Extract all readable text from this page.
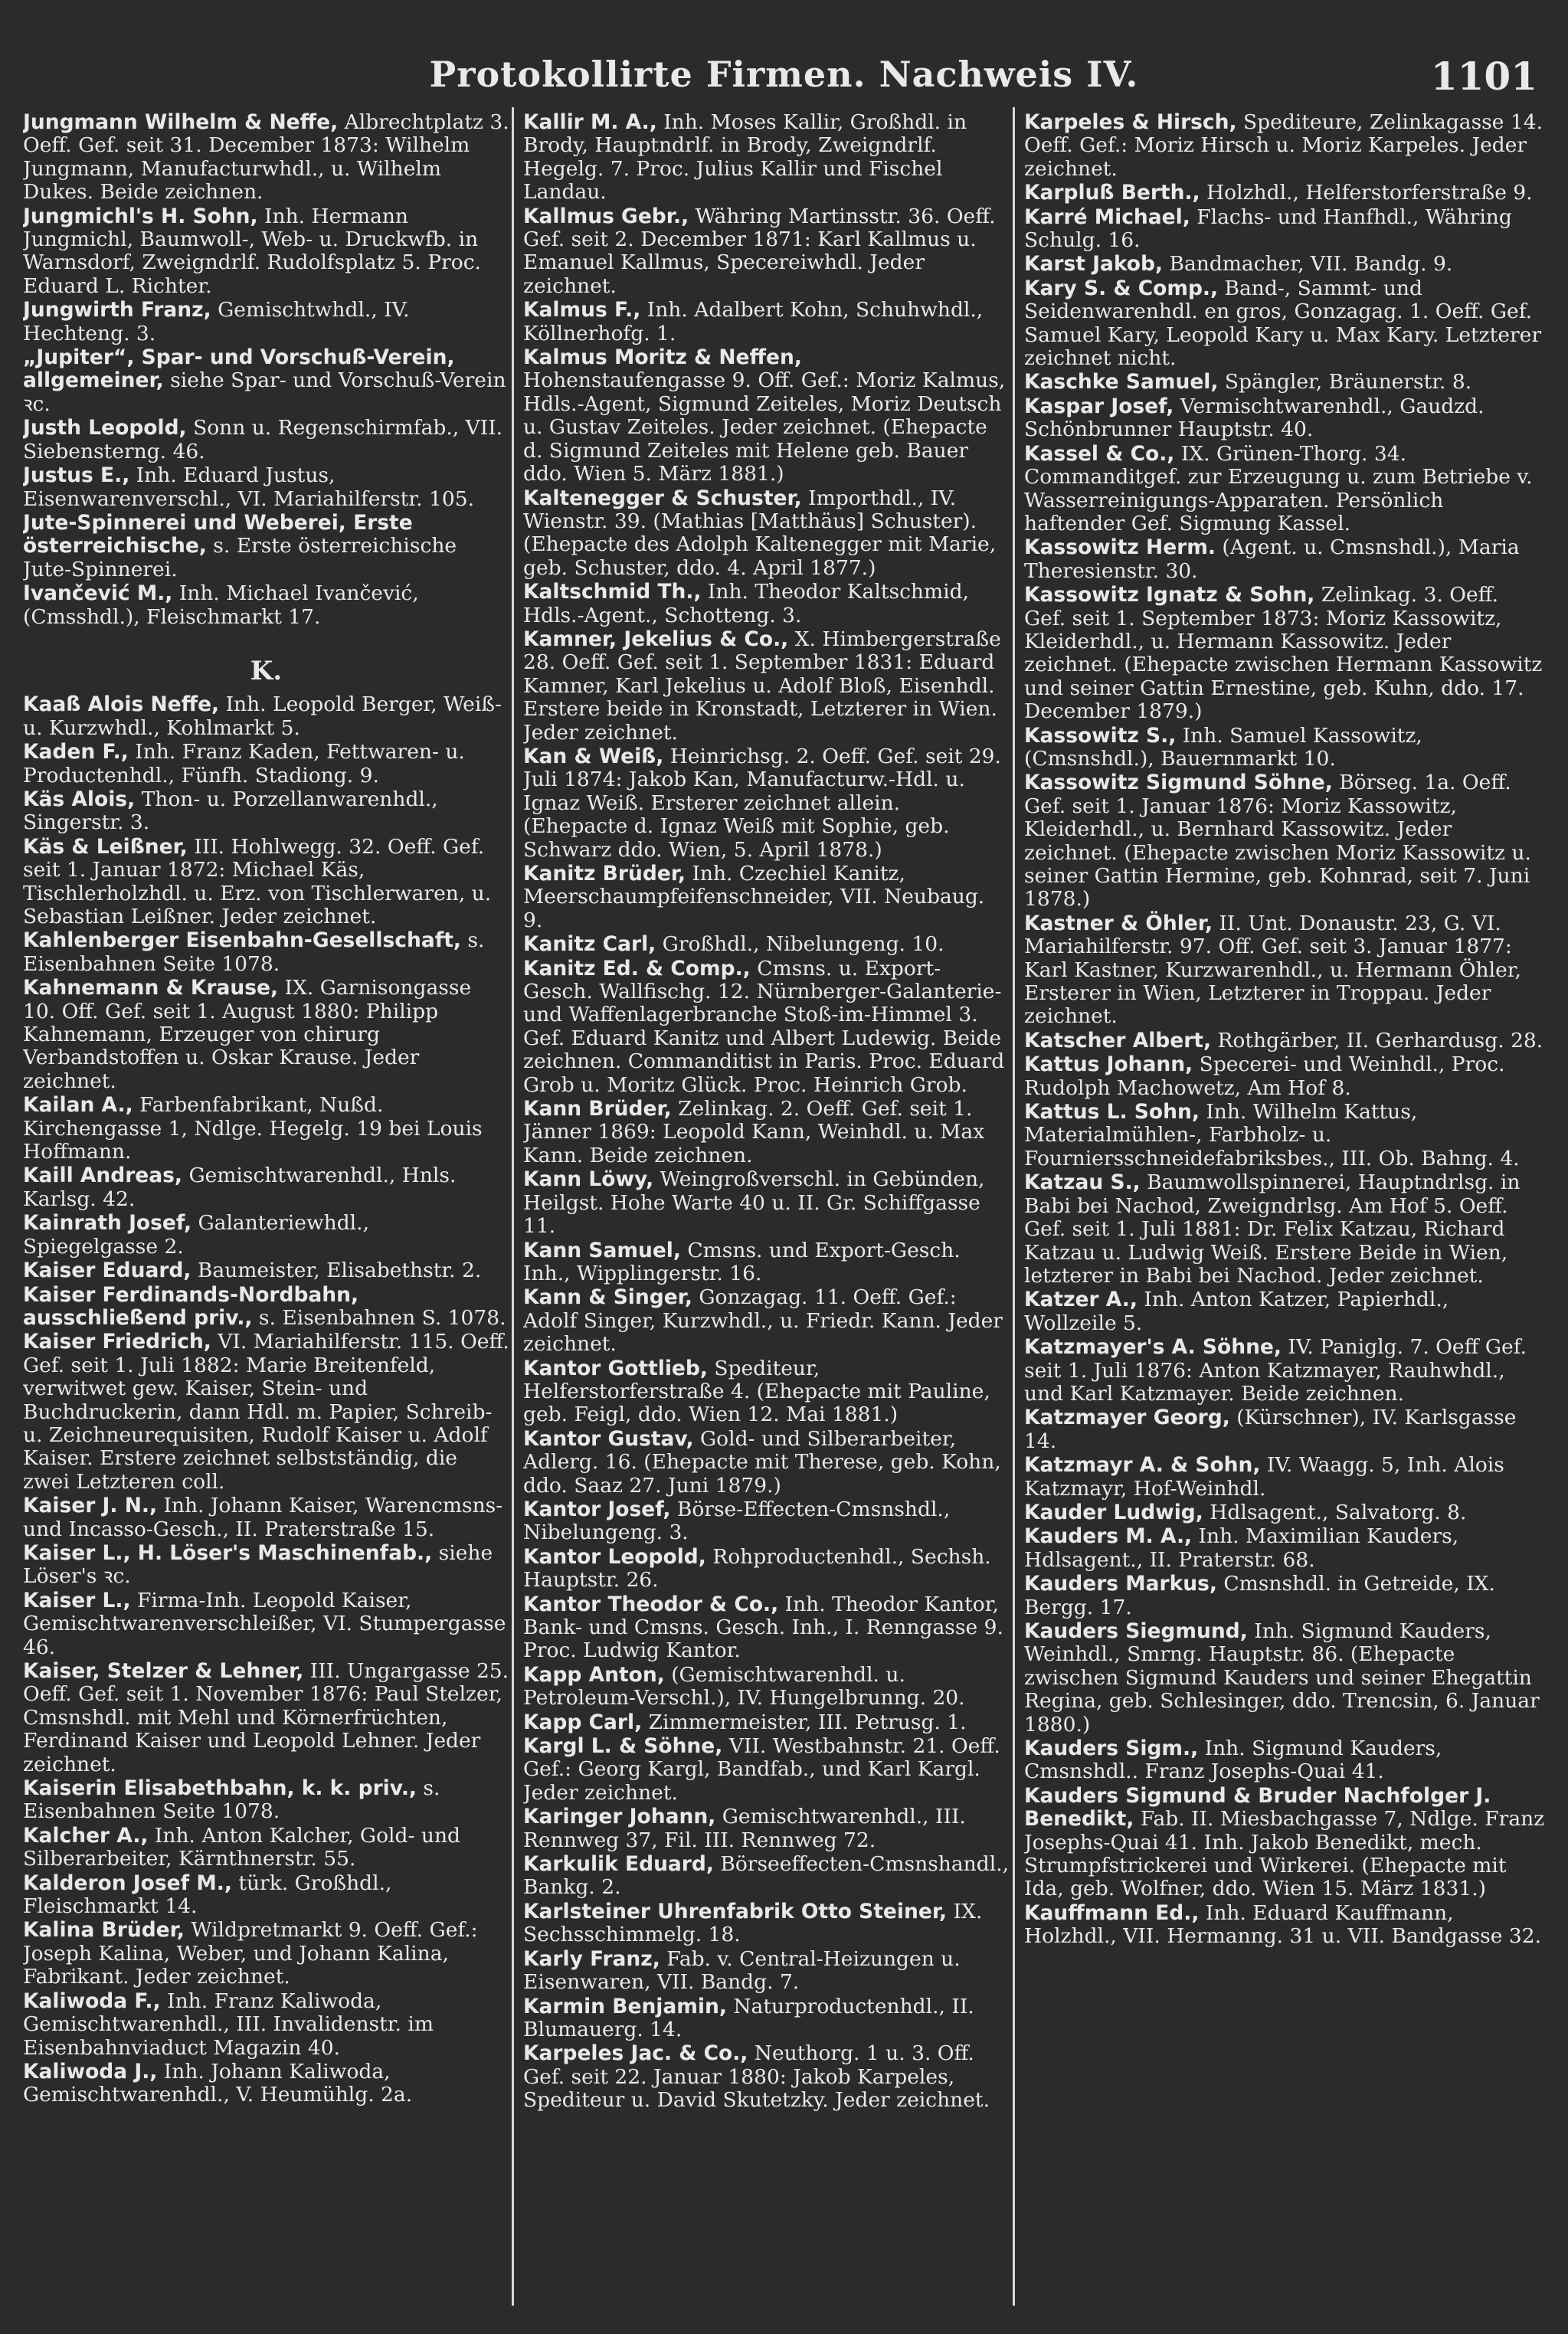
Protokollirte Firmen. Nachweis IV.	1101
Jungmann Wilhelm & Neffe, Albrechtplatz 3. Oeff. Gef. seit 31. December 1873: Wilhelm Jungmann, Manufacturwhdl., u. Wilhelm Dukes. Beide zeichnen.
Jungmichl's H. Sohn, Inh. Hermann Jungmichl, Baumwoll-, Web- u. Druckwfb. in Warnsdorf, Zweigndrlf. Rudolfsplatz 5. Proc. Eduard L. Richter.
Jungwirth Franz, Gemischtwhdl., IV. Hechteng. 3.
„Jupiter“, Spar- und Vorschuß-Verein, allgemeiner, siehe Spar- und Vorschuß-Verein ꝛc.
Justh Leopold, Sonn u. Regenschirmfab., VII. Siebensterng. 46.
Justus E., Inh. Eduard Justus, Eisenwarenverschl., VI. Mariahilferstr. 105.
Jute-Spinnerei und Weberei, Erste österreichische, s. Erste österreichische Jute-Spinnerei.
Ivančević M., Inh. Michael Ivančević, (Cmsshdl.), Fleischmarkt 17.
K.
Kaaß Alois Neffe, Inh. Leopold Berger, Weiß- u. Kurzwhdl., Kohlmarkt 5.
Kaden F., Inh. Franz Kaden, Fettwaren- u. Productenhdl., Fünfh. Stadiong. 9.
Käs Alois, Thon- u. Porzellanwarenhdl., Singerstr. 3.
Käs & Leißner, III. Hohlwegg. 32. Oeff. Gef. seit 1. Januar 1872: Michael Käs, Tischlerholzhdl. u. Erz. von Tischlerwaren, u. Sebastian Leißner. Jeder zeichnet.
Kahlenberger Eisenbahn-Gesellschaft, s. Eisenbahnen Seite 1078.
Kahnemann & Krause, IX. Garnisongasse 10. Off. Gef. seit 1. August 1880: Philipp Kahnemann, Erzeuger von chirurg Verbandstoffen u. Oskar Krause. Jeder zeichnet.
Kailan A., Farbenfabrikant, Nußd. Kirchengasse 1, Ndlge. Hegelg. 19 bei Louis Hoffmann.
Kaill Andreas, Gemischtwarenhdl., Hnls. Karlsg. 42.
Kainrath Josef, Galanteriewhdl., Spiegelgasse 2.
Kaiser Eduard, Baumeister, Elisabethstr. 2.
Kaiser Ferdinands-Nordbahn, ausschließend priv., s. Eisenbahnen S. 1078.
Kaiser Friedrich, VI. Mariahilferstr. 115. Oeff. Gef. seit 1. Juli 1882: Marie Breitenfeld, verwitwet gew. Kaiser, Stein- und Buchdruckerin, dann Hdl. m. Papier, Schreib- u. Zeichneurequisiten, Rudolf Kaiser u. Adolf Kaiser. Erstere zeichnet selbstständig, die zwei Letzteren coll.
Kaiser J. N., Inh. Johann Kaiser, Warencmsns- und Incasso-Gesch., II. Praterstraße 15.
Kaiser L., H. Löser's Maschinenfab., siehe Löser's ꝛc.
Kaiser L., Firma-Inh. Leopold Kaiser, Gemischtwarenverschleißer, VI. Stumpergasse 46.
Kaiser, Stelzer & Lehner, III. Ungargasse 25. Oeff. Gef. seit 1. November 1876: Paul Stelzer, Cmsnshdl. mit Mehl und Körnerfrüchten, Ferdinand Kaiser und Leopold Lehner. Jeder zeichnet.
Kaiserin Elisabethbahn, k. k. priv., s. Eisenbahnen Seite 1078.
Kalcher A., Inh. Anton Kalcher, Gold- und Silberarbeiter, Kärnthnerstr. 55.
Kalderon Josef M., türk. Großhdl., Fleischmarkt 14.
Kalina Brüder, Wildpretmarkt 9. Oeff. Gef.: Joseph Kalina, Weber, und Johann Kalina, Fabrikant. Jeder zeichnet.
Kaliwoda F., Inh. Franz Kaliwoda, Gemischtwarenhdl., III. Invalidenstr. im Eisenbahnviaduct Magazin 40.
Kaliwoda J., Inh. Johann Kaliwoda, Gemischtwarenhdl., V. Heumühlg. 2a.
Kallir M. A., Inh. Moses Kallir, Großhdl. in Brody, Hauptndrlf. in Brody, Zweigndrlf. Hegelg. 7. Proc. Julius Kallir und Fischel Landau.
Kallmus Gebr., Währing Martinsstr. 36. Oeff. Gef. seit 2. December 1871: Karl Kallmus u. Emanuel Kallmus, Specereiwhdl. Jeder zeichnet.
Kalmus F., Inh. Adalbert Kohn, Schuhwhdl., Köllnerhofg. 1.
Kalmus Moritz & Neffen, Hohenstaufengasse 9. Off. Gef.: Moriz Kalmus, Hdls.-Agent, Sigmund Zeiteles, Moriz Deutsch u. Gustav Zeiteles. Jeder zeichnet. (Ehepacte d. Sigmund Zeiteles mit Helene geb. Bauer ddo. Wien 5. März 1881.)
Kaltenegger & Schuster, Importhdl., IV. Wienstr. 39. (Mathias [Matthäus] Schuster). (Ehepacte des Adolph Kaltenegger mit Marie, geb. Schuster, ddo. 4. April 1877.)
Kaltschmid Th., Inh. Theodor Kaltschmid, Hdls.-Agent., Schotteng. 3.
Kamner, Jekelius & Co., X. Himbergerstraße 28. Oeff. Gef. seit 1. September 1831: Eduard Kamner, Karl Jekelius u. Adolf Bloß, Eisenhdl. Erstere beide in Kronstadt, Letzterer in Wien. Jeder zeichnet.
Kan & Weiß, Heinrichsg. 2. Oeff. Gef. seit 29. Juli 1874: Jakob Kan, Manufacturw.-Hdl. u. Ignaz Weiß. Ersterer zeichnet allein. (Ehepacte d. Ignaz Weiß mit Sophie, geb. Schwarz ddo. Wien, 5. April 1878.)
Kanitz Brüder, Inh. Czechiel Kanitz, Meerschaumpfeifenschneider, VII. Neubaug. 9.
Kanitz Carl, Großhdl., Nibelungeng. 10.
Kanitz Ed. & Comp., Cmsns. u. Export-Gesch. Wallfischg. 12. Nürnberger-Galanterie- und Waffenlagerbranche Stoß-im-Himmel 3. Gef. Eduard Kanitz und Albert Ludewig. Beide zeichnen. Commanditist in Paris. Proc. Eduard Grob u. Moritz Glück. Proc. Heinrich Grob.
Kann Brüder, Zelinkag. 2. Oeff. Gef. seit 1. Jänner 1869: Leopold Kann, Weinhdl. u. Max Kann. Beide zeichnen.
Kann Löwy, Weingroßverschl. in Gebünden, Heilgst. Hohe Warte 40 u. II. Gr. Schiffgasse 11.
Kann Samuel, Cmsns. und Export-Gesch. Inh., Wipplingerstr. 16.
Kann & Singer, Gonzagag. 11. Oeff. Gef.: Adolf Singer, Kurzwhdl., u. Friedr. Kann. Jeder zeichnet.
Kantor Gottlieb, Spediteur, Helferstorferstraße 4. (Ehepacte mit Pauline, geb. Feigl, ddo. Wien 12. Mai 1881.)
Kantor Gustav, Gold- und Silberarbeiter, Adlerg. 16. (Ehepacte mit Therese, geb. Kohn, ddo. Saaz 27. Juni 1879.)
Kantor Josef, Börse-Effecten-Cmsnshdl., Nibelungeng. 3.
Kantor Leopold, Rohproductenhdl., Sechsh. Hauptstr. 26.
Kantor Theodor & Co., Inh. Theodor Kantor, Bank- und Cmsns. Gesch. Inh., I. Renngasse 9. Proc. Ludwig Kantor.
Kapp Anton, (Gemischtwarenhdl. u. Petroleum-Verschl.), IV. Hungelbrunng. 20.
Kapp Carl, Zimmermeister, III. Petrusg. 1.
Kargl L. & Söhne, VII. Westbahnstr. 21. Oeff. Gef.: Georg Kargl, Bandfab., und Karl Kargl. Jeder zeichnet.
Karinger Johann, Gemischtwarenhdl., III. Rennweg 37, Fil. III. Rennweg 72.
Karkulik Eduard, Börseeffecten-Cmsnshandl., Bankg. 2.
Karlsteiner Uhrenfabrik Otto Steiner, IX. Sechsschimmelg. 18.
Karly Franz, Fab. v. Central-Heizungen u. Eisenwaren, VII. Bandg. 7.
Karmin Benjamin, Naturproductenhdl., II. Blumauerg. 14.
Karpeles Jac. & Co., Neuthorg. 1 u. 3. Off. Gef. seit 22. Januar 1880: Jakob Karpeles, Spediteur u. David Skutetzky. Jeder zeichnet.
Karpeles & Hirsch, Spediteure, Zelinkagasse 14. Oeff. Gef.: Moriz Hirsch u. Moriz Karpeles. Jeder zeichnet.
Karpluß Berth., Holzhdl., Helferstorferstraße 9.
Karré Michael, Flachs- und Hanfhdl., Währing Schulg. 16.
Karst Jakob, Bandmacher, VII. Bandg. 9.
Kary S. & Comp., Band-, Sammt- und Seidenwarenhdl. en gros, Gonzagag. 1. Oeff. Gef. Samuel Kary, Leopold Kary u. Max Kary. Letzterer zeichnet nicht.
Kaschke Samuel, Spängler, Bräunerstr. 8.
Kaspar Josef, Vermischtwarenhdl., Gaudzd. Schönbrunner Hauptstr. 40.
Kassel & Co., IX. Grünen-Thorg. 34. Commanditgef. zur Erzeugung u. zum Betriebe v. Wasserreinigungs-Apparaten. Persönlich haftender Gef. Sigmung Kassel.
Kassowitz Herm. (Agent. u. Cmsnshdl.), Maria Theresienstr. 30.
Kassowitz Ignatz & Sohn, Zelinkag. 3. Oeff. Gef. seit 1. September 1873: Moriz Kassowitz, Kleiderhdl., u. Hermann Kassowitz. Jeder zeichnet. (Ehepacte zwischen Hermann Kassowitz und seiner Gattin Ernestine, geb. Kuhn, ddo. 17. December 1879.)
Kassowitz S., Inh. Samuel Kassowitz, (Cmsnshdl.), Bauernmarkt 10.
Kassowitz Sigmund Söhne, Börseg. 1a. Oeff. Gef. seit 1. Januar 1876: Moriz Kassowitz, Kleiderhdl., u. Bernhard Kassowitz. Jeder zeichnet. (Ehepacte zwischen Moriz Kassowitz u. seiner Gattin Hermine, geb. Kohnrad, seit 7. Juni 1878.)
Kastner & Öhler, II. Unt. Donaustr. 23, G. VI. Mariahilferstr. 97. Off. Gef. seit 3. Januar 1877: Karl Kastner, Kurzwarenhdl., u. Hermann Öhler, Ersterer in Wien, Letzterer in Troppau. Jeder zeichnet.
Katscher Albert, Rothgärber, II. Gerhardusg. 28.
Kattus Johann, Specerei- und Weinhdl., Proc. Rudolph Machowetz, Am Hof 8.
Kattus L. Sohn, Inh. Wilhelm Kattus, Materialmühlen-, Farbholz- u. Fourniersschneidefabriksbes., III. Ob. Bahng. 4.
Katzau S., Baumwollspinnerei, Hauptndrlsg. in Babi bei Nachod, Zweigndrlsg. Am Hof 5. Oeff. Gef. seit 1. Juli 1881: Dr. Felix Katzau, Richard Katzau u. Ludwig Weiß. Erstere Beide in Wien, letzterer in Babi bei Nachod. Jeder zeichnet.
Katzer A., Inh. Anton Katzer, Papierhdl., Wollzeile 5.
Katzmayer's A. Söhne, IV. Paniglg. 7. Oeff Gef. seit 1. Juli 1876: Anton Katzmayer, Rauhwhdl., und Karl Katzmayer. Beide zeichnen.
Katzmayer Georg, (Kürschner), IV. Karlsgasse 14.
Katzmayr A. & Sohn, IV. Waagg. 5, Inh. Alois Katzmayr, Hof-Weinhdl.
Kauder Ludwig, Hdlsagent., Salvatorg. 8.
Kauders M. A., Inh. Maximilian Kauders, Hdlsagent., II. Praterstr. 68.
Kauders Markus, Cmsnshdl. in Getreide, IX. Bergg. 17.
Kauders Siegmund, Inh. Sigmund Kauders, Weinhdl., Smrng. Hauptstr. 86. (Ehepacte zwischen Sigmund Kauders und seiner Ehegattin Regina, geb. Schlesinger, ddo. Trencsin, 6. Januar 1880.)
Kauders Sigm., Inh. Sigmund Kauders, Cmsnshdl.. Franz Josephs-Quai 41.
Kauders Sigmund & Bruder Nachfolger J. Benedikt, Fab. II. Miesbachgasse 7, Ndlge. Franz Josephs-Quai 41. Inh. Jakob Benedikt, mech. Strumpfstrickerei und Wirkerei. (Ehepacte mit Ida, geb. Wolfner, ddo. Wien 15. März 1831.)
Kauffmann Ed., Inh. Eduard Kauffmann, Holzhdl., VII. Hermanng. 31 u. VII. Bandgasse 32.
